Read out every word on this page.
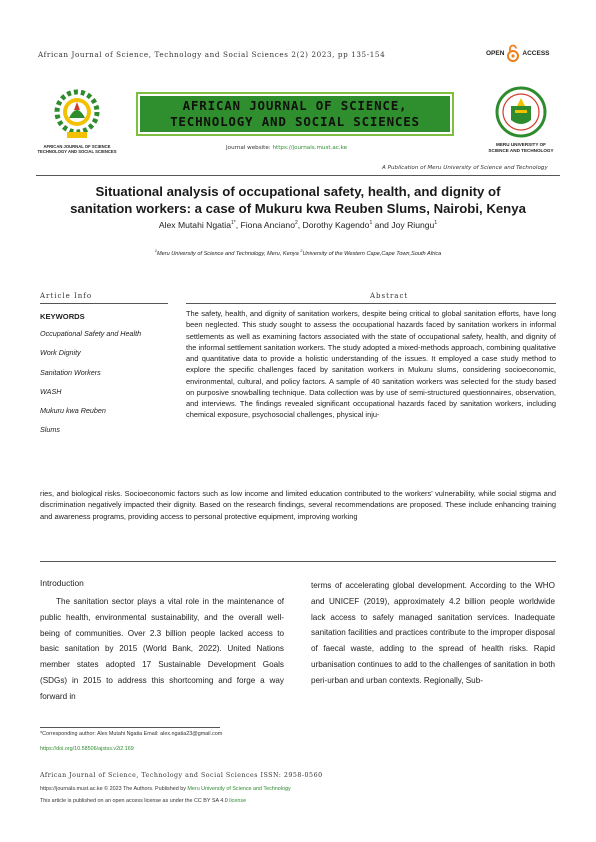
African Journal of Science, Technology and Social Sciences 2(2) 2023, pp 135-154	OPEN	ACCESS
AFRICAN JOURNAL OF SCIENCE
TECHNOLOGY AND SOCIAL SCIENCES
AFRICAN JOURNAL OF SCIENCE,
TECHNOLOGY AND SOCIAL SCIENCES
MERU UNIVERSITY OF
SCIENCE AND TECHNOLOGY
Journal website: https://journals.must.ac.ke
A Publication of Meru University of Science and Technology
Situational analysis of occupational safety, health, and dignity of
sanitation workers: a case of Mukuru kwa Reuben Slums, Nairobi, Kenya
Alex Mutahi Ngatia$^{1*}$, Fiona Anciano$^2$, Dorothy Kagendo$^1$ and Joy Riungu$^1$
$^1$Meru University of Science and Technology, Meru, Kenya $^2$University of the Western Cape,Cape Town,South Africa
Article Info	Abstract
KEYWORDS
Occupational Safety and Health
Work Dignity
Sanitation Workers
WASH
Mukuru kwa Reuben
Slums
The safety, health, and dignity of sanitation workers, despite being critical to global sanitation efforts, have long been neglected. This study sought to assess the occupational hazards faced by sanitation workers in informal settlements as well as examining factors associated with the state of occupational safety, health, and dignity of the informal settlement sanitation workers. The study adopted a mixed-methods approach, combining qualitative and quantitative data to provide a holistic understanding of the issues. It employed a case study method to explore the specific challenges faced by sanitation workers in Mukuru slums, considering socioeconomic, environmental, cultural, and policy factors. A sample of 40 sanitation workers was selected for the study based on purposive snowballing technique. Data collection was by use of semi-structured questionnaires, observation, and interviews. The findings revealed significant occupational hazards faced by sanitation workers, including chemical exposure, psychosocial challenges, physical inju-
ries, and biological risks. Socioeconomic factors such as low income and limited education contributed to the workers' vulnerability, while social stigma and discrimination negatively impacted their dignity. Based on the research findings, several recommendations are proposed. These include enhancing training and awareness programs, providing access to personal protective equipment, improving working
Introduction
The sanitation sector plays a vital role in the maintenance of public health, environmental sustainability, and the overall well-being of communities. Over 2.3 billion people lacked access to basic sanitation by 2015 (World Bank, 2022). United Nations member states adopted 17 Sustainable Development Goals (SDGs) in 2015 to address this shortcoming and forge a way forward in
terms of accelerating global development. According to the WHO and UNICEF (2019), approximately 4.2 billion people worldwide lack access to safely managed sanitation services. Inadequate sanitation facilities and practices contribute to the improper disposal of faecal waste, adding to the spread of health risks. Rapid urbanisation continues to add to the challenges of sanitation in both peri-urban and urban contexts. Regionally, Sub-
*Corresponding author: Alex Mutahi Ngatia Email: alex.ngatia23@gmail.com
https://doi.org/10.58506/ajstss.v2i2.169
African Journal of Science, Technology and Social Sciences ISSN: 2958-0560
https://journals.must.ac.ke © 2023 The Authors. Published by Meru University of Science and Technology
This article is published on an open access license as under the CC BY SA 4.0 license
